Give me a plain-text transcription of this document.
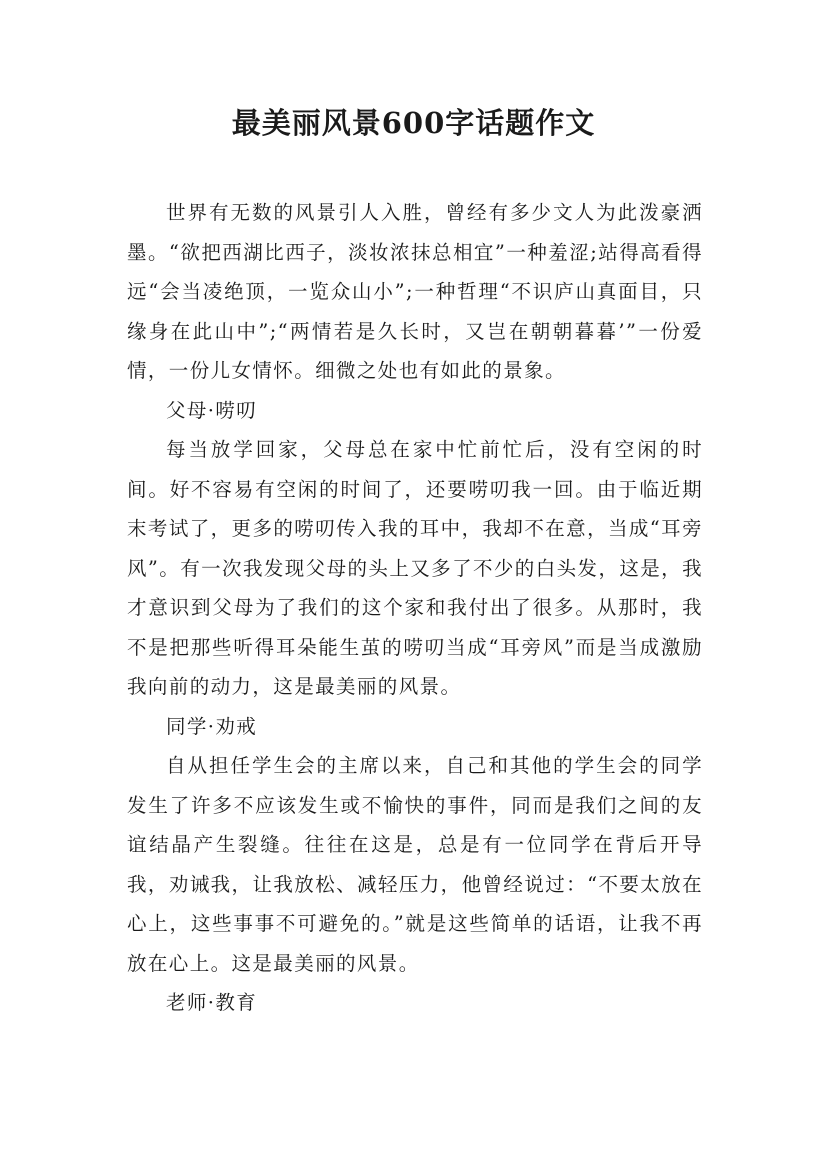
最美丽风景600字话题作文

世界有无数的风景引人入胜，曾经有多少文人为此泼豪洒墨。“欲把西湖比西子，淡妆浓抹总相宜”一种羞涩;站得高看得远“会当凌绝顶，一览众山小”;一种哲理“不识庐山真面目，只缘身在此山中”;“两情若是久长时，又岂在朝朝暮暮’”一份爱情，一份儿女情怀。细微之处也有如此的景象。

父母·唠叨

每当放学回家，父母总在家中忙前忙后，没有空闲的时间。好不容易有空闲的时间了，还要唠叨我一回。由于临近期末考试了，更多的唠叨传入我的耳中，我却不在意，当成“耳旁风”。有一次我发现父母的头上又多了不少的白头发，这是，我才意识到父母为了我们的这个家和我付出了很多。从那时，我不是把那些听得耳朵能生茧的唠叨当成“耳旁风”而是当成激励我向前的动力，这是最美丽的风景。

同学·劝戒

自从担任学生会的主席以来，自己和其他的学生会的同学发生了许多不应该发生或不愉快的事件，同而是我们之间的友谊结晶产生裂缝。往往在这是，总是有一位同学在背后开导我，劝诫我，让我放松、减轻压力，他曾经说过：“不要太放在心上，这些事事不可避免的。”就是这些简单的话语，让我不再放在心上。这是最美丽的风景。

老师·教育
